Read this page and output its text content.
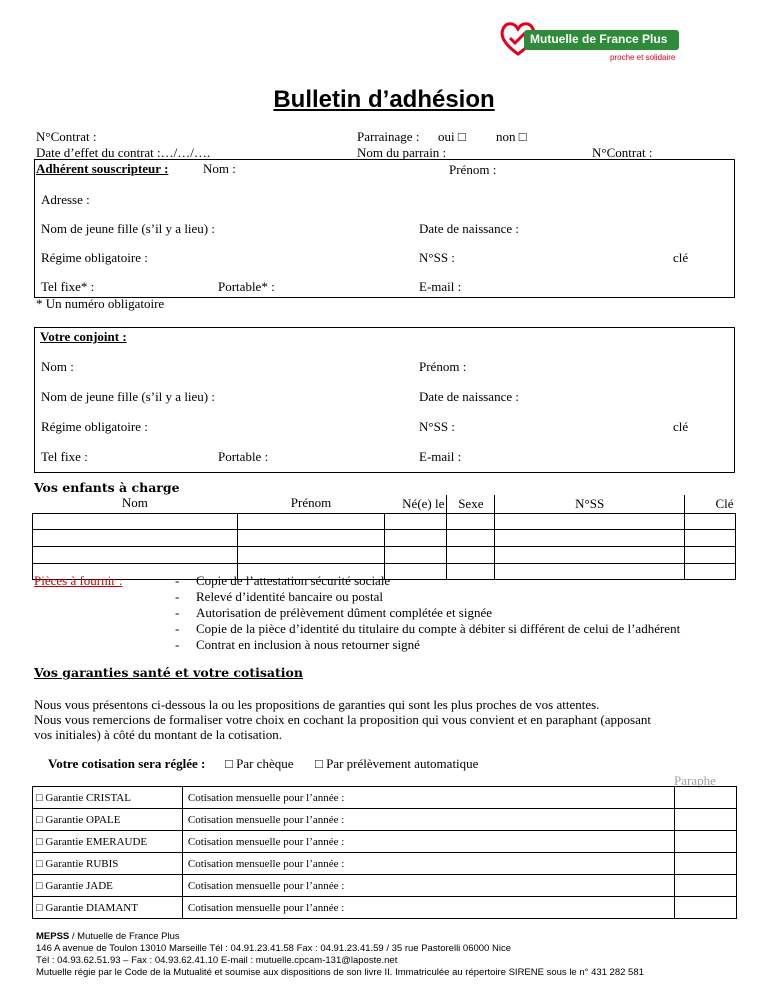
Mutuelle de France Plus
proche et solidaire
Bulletin d’adhésion
N°Contrat :
Date d’effet du contrat :…/…/….
Parrainage : oui □ non □
Nom du parrain :	N°Contrat :
Adhérent souscripteur :	Nom :	Prénom :
Adresse :
Nom de jeune fille (s’il y a lieu) :	Date de naissance :
Régime obligatoire :	N°SS :	clé
Tel fixe* :	Portable* :	E-mail :
* Un numéro obligatoire
Votre conjoint :
Nom :	Prénom :
Nom de jeune fille (s’il y a lieu) :	Date de naissance :
Régime obligatoire :	N°SS :	clé
Tel fixe :	Portable :	E-mail :
Vos enfants à charge
Nom	Prénom	Né(e) le	Sexe	N°SS	Clé

Pièces à fournir :	- Copie de l’attestation sécurité sociale
- Relevé d’identité bancaire ou postal
- Autorisation de prélèvement dûment complétée et signée
- Copie de la pièce d’identité du titulaire du compte à débiter si différent de celui de l’adhérent
- Contrat en inclusion à nous retourner signé
Vos garanties santé et votre cotisation
Nous vous présentons ci-dessous la ou les propositions de garanties qui sont les plus proches de vos attentes.
Nous vous remercions de formaliser votre choix en cochant la proposition qui vous convient et en paraphant (apposant
vos initiales) à côté du montant de la cotisation.
Votre cotisation sera réglée : □ Par chèque □ Par prélèvement automatique
Paraphe
□ Garantie CRISTAL	Cotisation mensuelle pour l’année :	
□ Garantie OPALE	Cotisation mensuelle pour l’année :	
□ Garantie EMERAUDE	Cotisation mensuelle pour l’année :	
□ Garantie RUBIS	Cotisation mensuelle pour l’année :	
□ Garantie JADE	Cotisation mensuelle pour l’année :	
□ Garantie DIAMANT	Cotisation mensuelle pour l’année :	
MEPSS / Mutuelle de France Plus
146 A avenue de Toulon 13010 Marseille Tél : 04.91.23.41.58 Fax : 04.91.23.41.59 / 35 rue Pastorelli 06000 Nice
Tél : 04.93.62.51.93 – Fax : 04.93.62.41.10 E-mail : mutuelle.cpcam-131@laposte.net
Mutuelle régie par le Code de la Mutualité et soumise aux dispositions de son livre II. Immatriculée au répertoire SIRENE sous le n° 431 282 581
